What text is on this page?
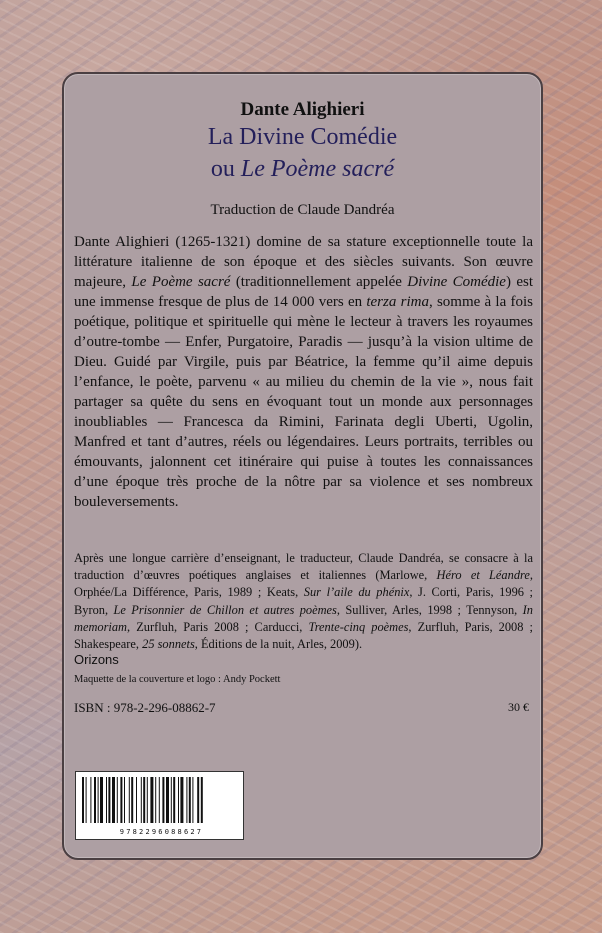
Dante Alighieri
La Divine Comédie
ou Le Poème sacré
Traduction de Claude Dandréa

Dante Alighieri (1265-1321) domine de sa stature exceptionnelle toute la littérature italienne de son époque et des siècles suivants. Son œuvre majeure, Le Poème sacré (traditionnellement appelée Divine Comédie) est une immense fresque de plus de 14 000 vers en terza rima, somme à la fois poétique, politique et spirituelle qui mène le lecteur à travers les royaumes d’outre-tombe — Enfer, Purgatoire, Paradis — jusqu’à la vision ultime de Dieu. Guidé par Virgile, puis par Béatrice, la femme qu’il aime depuis l’enfance, le poète, parvenu « au milieu du chemin de la vie », nous fait partager sa quête du sens en évoquant tout un monde aux personnages inoubliables — Francesca da Rimini, Farinata degli Uberti, Ugolin, Manfred et tant d’autres, réels ou légendaires. Leurs portraits, terribles ou émouvants, jalonnent cet itinéraire qui puise à toutes les connaissances d’une époque très proche de la nôtre par sa violence et ses nombreux bouleversements.

Après une longue carrière d’enseignant, le traducteur, Claude Dandréa, se consacre à la traduction d’œuvres poétiques anglaises et italiennes (Marlowe, Héro et Léandre, Orphée/La Différence, Paris, 1989 ; Keats, Sur l’aile du phénix, J. Corti, Paris, 1996 ; Byron, Le Prisonnier de Chillon et autres poèmes, Sulliver, Arles, 1998 ; Tennyson, In memoriam, Zurfluh, Paris 2008 ; Carducci, Trente-cinq poèmes, Zurfluh, Paris, 2008 ; Shakespeare, 25 sonnets, Éditions de la nuit, Arles, 2009).

Orizons
Maquette de la couverture et logo : Andy Pockett
ISBN : 978-2-296-08862-7	30 €
9782296088627
